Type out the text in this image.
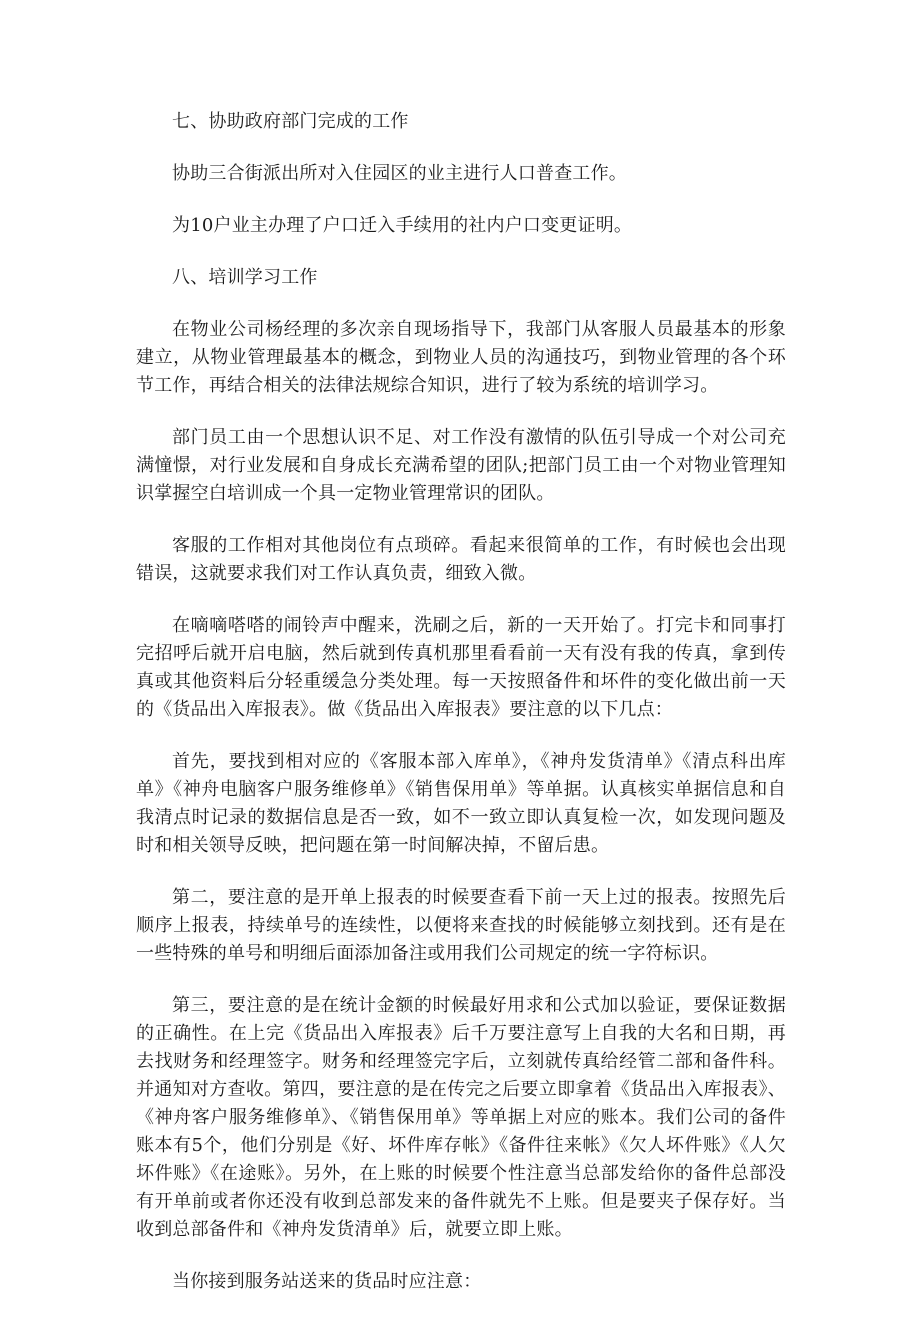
七、协助政府部门完成的工作

协助三合街派出所对入住园区的业主进行人口普查工作。

为10户业主办理了户口迁入手续用的社内户口变更证明。

八、培训学习工作

在物业公司杨经理的多次亲自现场指导下，我部门从客服人员最基本的形象建立，从物业管理最基本的概念，到物业人员的沟通技巧，到物业管理的各个环节工作，再结合相关的法律法规综合知识，进行了较为系统的培训学习。

部门员工由一个思想认识不足、对工作没有激情的队伍引导成一个对公司充满憧憬，对行业发展和自身成长充满希望的团队;把部门员工由一个对物业管理知识掌握空白培训成一个具一定物业管理常识的团队。

客服的工作相对其他岗位有点琐碎。看起来很简单的工作，有时候也会出现错误，这就要求我们对工作认真负责，细致入微。

在嘀嘀嗒嗒的闹铃声中醒来，洗刷之后，新的一天开始了。打完卡和同事打完招呼后就开启电脑，然后就到传真机那里看看前一天有没有我的传真，拿到传真或其他资料后分轻重缓急分类处理。每一天按照备件和坏件的变化做出前一天的《货品出入库报表》。做《货品出入库报表》要注意的以下几点：

首先，要找到相对应的《客服本部入库单》，《神舟发货清单》《清点科出库单》《神舟电脑客户服务维修单》《销售保用单》等单据。认真核实单据信息和自我清点时记录的数据信息是否一致，如不一致立即认真复检一次，如发现问题及时和相关领导反映，把问题在第一时间解决掉，不留后患。

第二，要注意的是开单上报表的时候要查看下前一天上过的报表。按照先后顺序上报表，持续单号的连续性，以便将来查找的时候能够立刻找到。还有是在一些特殊的单号和明细后面添加备注或用我们公司规定的统一字符标识。

第三，要注意的是在统计金额的时候最好用求和公式加以验证，要保证数据的正确性。在上完《货品出入库报表》后千万要注意写上自我的大名和日期，再去找财务和经理签字。财务和经理签完字后，立刻就传真给经管二部和备件科。并通知对方查收。第四，要注意的是在传完之后要立即拿着《货品出入库报表》、《神舟客户服务维修单》、《销售保用单》等单据上对应的账本。我们公司的备件账本有5个，他们分别是《好、坏件库存帐》《备件往来帐》《欠人坏件账》《人欠坏件账》《在途账》。另外，在上账的时候要个性注意当总部发给你的备件总部没有开单前或者你还没有收到总部发来的备件就先不上账。但是要夹子保存好。当收到总部备件和《神舟发货清单》后，就要立即上账。

当你接到服务站送来的货品时应注意：
